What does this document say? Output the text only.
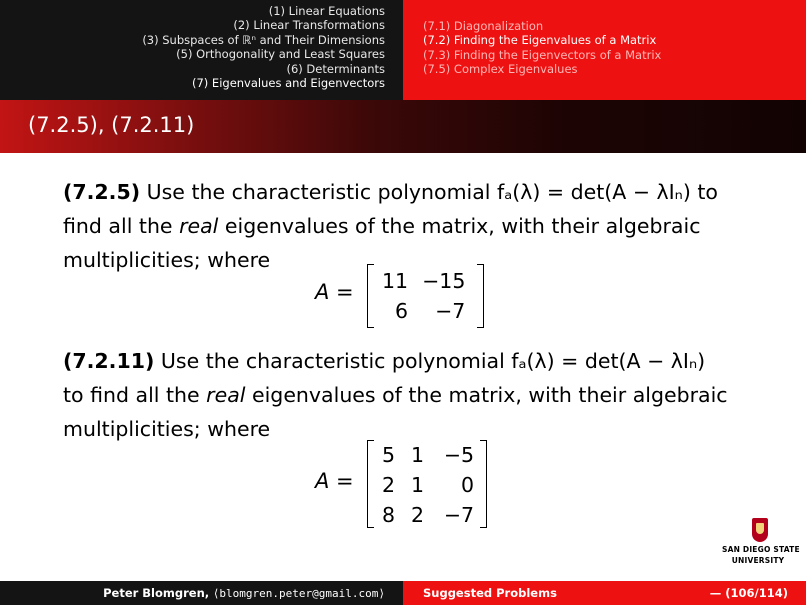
(1) Linear Equations
(2) Linear Transformations
(3) Subspaces of ℝⁿ and Their Dimensions
(5) Orthogonality and Least Squares
(6) Determinants
(7) Eigenvalues and Eigenvectors
(7.1) Diagonalization
(7.2) Finding the Eigenvalues of a Matrix
(7.3) Finding the Eigenvectors of a Matrix
(7.5) Complex Eigenvalues
(7.2.5), (7.2.11)
(7.2.5) Use the characteristic polynomial fₐ(λ) = det(A − λIₙ) to
find all the real eigenvalues of the matrix, with their algebraic
multiplicities; where
A = 11	−15
6	−7
(7.2.11) Use the characteristic polynomial fₐ(λ) = det(A − λIₙ)
to find all the real eigenvalues of the matrix, with their algebraic
multiplicities; where
A =
5	1	−5
2	1	0
8	2	−7
SAN DIEGO STATE
UNIVERSITY
Peter Blomgren, ⟨blomgren.peter@gmail.com⟩	Suggested Problems	— (106/114)
